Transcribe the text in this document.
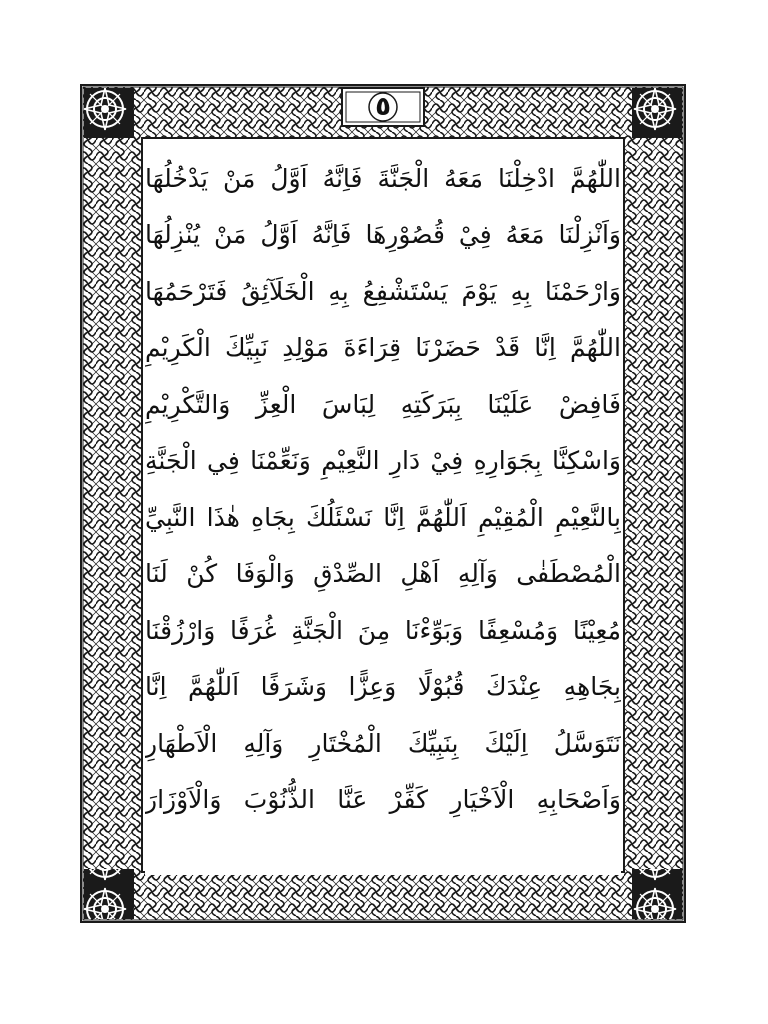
٥
اللّٰهُمَّ ادْخِلْنَا مَعَهُ الْجَنَّةَ فَاِنَّهُ اَوَّلُ مَنْ يَدْخُلُهَا
وَاَنْزِلْنَا مَعَهُ فِيْ قُصُوْرِهَا فَاِنَّهُ اَوَّلُ مَنْ يُنْزِلُهَا
وَارْحَمْنَا بِهِ يَوْمَ يَسْتَشْفِعُ بِهِ الْخَلَآئِقُ فَتَرْحَمُهَا
اللّٰهُمَّ اِنَّا قَدْ حَضَرْنَا قِرَاءَةَ مَوْلِدِ نَبِيِّكَ الْكَرِيْمِ
فَافِضْ عَلَيْنَا بِبَرَكَتِهِ لِبَاسَ الْعِزِّ وَالتَّكْرِيْمِ
وَاسْكِنَّا بِجَوَارِهِ فِيْ دَارِ النَّعِيْمِ وَنَعِّمْنَا فِي الْجَنَّةِ
بِالنَّعِيْمِ الْمُقِيْمِ اَللّٰهُمَّ اِنَّا نَسْئَلُكَ بِجَاهِ هٰذَا النَّبِيِّ
الْمُصْطَفٰى وَآلِهِ اَهْلِ الصِّدْقِ وَالْوَفَا كُنْ لَنَا
مُعِيْنًا وَمُسْعِفًا وَبَوِّءْنَا مِنَ الْجَنَّةِ غُرَفًا وَارْزُقْنَا
بِجَاهِهِ عِنْدَكَ قُبُوْلًا وَعِزًّا وَشَرَفًا اَللّٰهُمَّ اِنَّا
نَتَوَسَّلُ اِلَيْكَ بِنَبِيِّكَ الْمُخْتَارِ وَآلِهِ الْاَطْهَارِ
وَاَصْحَابِهِ الْاَخْيَارِ كَفِّرْ عَنَّا الذُّنُوْبَ وَالْاَوْزَارَ
